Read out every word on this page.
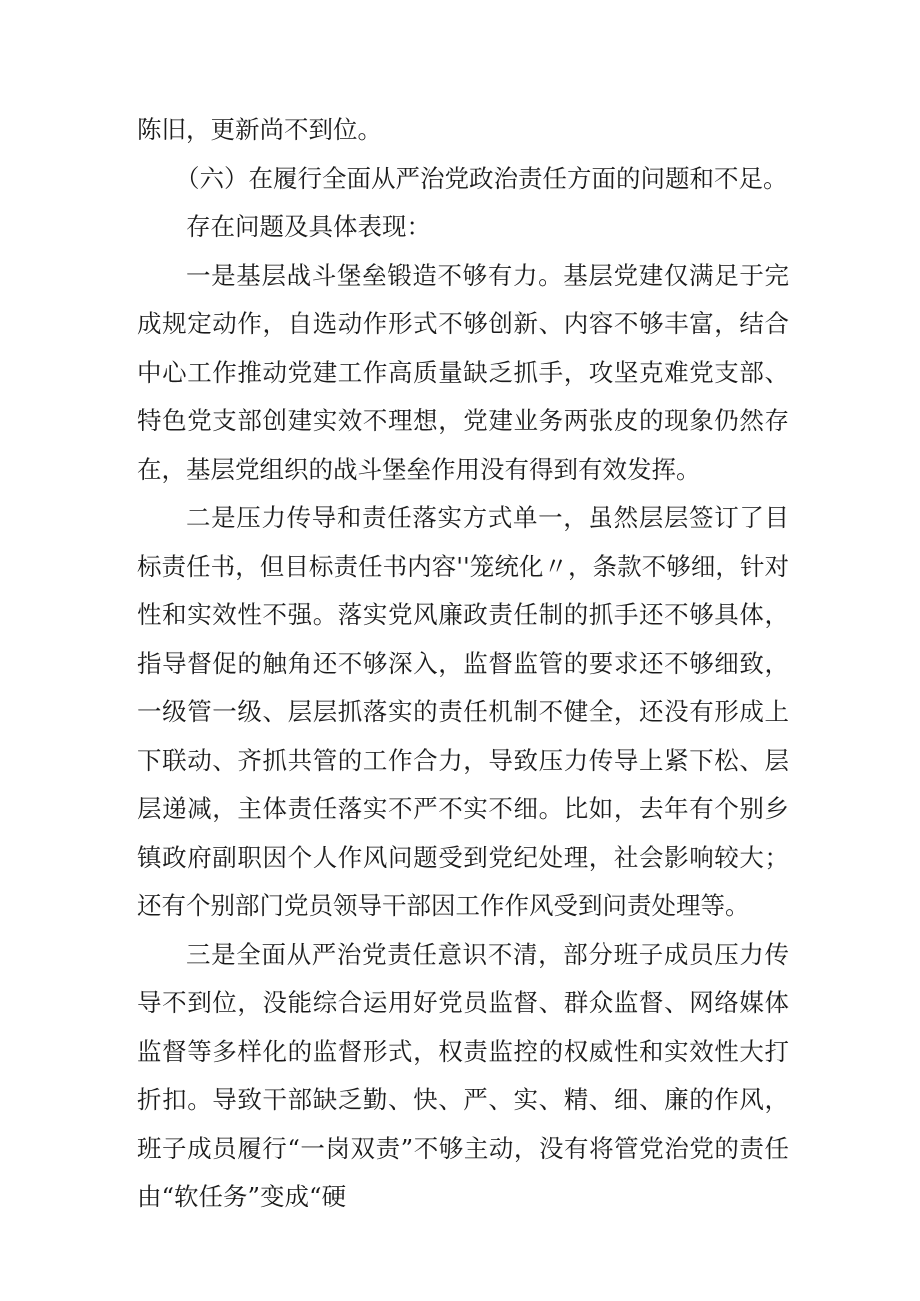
陈旧，更新尚不到位。

（六）在履行全面从严治党政治责任方面的问题和不足。

存在问题及具体表现：

一是基层战斗堡垒锻造不够有力。基层党建仅满足于完成规定动作，自选动作形式不够创新、内容不够丰富，结合中心工作推动党建工作高质量缺乏抓手，攻坚克难党支部、特色党支部创建实效不理想，党建业务两张皮的现象仍然存在，基层党组织的战斗堡垒作用没有得到有效发挥。

二是压力传导和责任落实方式单一，虽然层层签订了目标责任书，但目标责任书内容''笼统化〃，条款不够细，针对性和实效性不强。落实党风廉政责任制的抓手还不够具体，指导督促的触角还不够深入，监督监管的要求还不够细致，一级管一级、层层抓落实的责任机制不健全，还没有形成上下联动、齐抓共管的工作合力，导致压力传导上紧下松、层层递减，主体责任落实不严不实不细。比如，去年有个别乡镇政府副职因个人作风问题受到党纪处理，社会影响较大；还有个别部门党员领导干部因工作作风受到问责处理等。

三是全面从严治党责任意识不清，部分班子成员压力传导不到位，没能综合运用好党员监督、群众监督、网络媒体监督等多样化的监督形式，权责监控的权威性和实效性大打折扣。导致干部缺乏勤、快、严、实、精、细、廉的作风，班子成员履行“一岗双责”不够主动，没有将管党治党的责任由“软任务”变成“硬
